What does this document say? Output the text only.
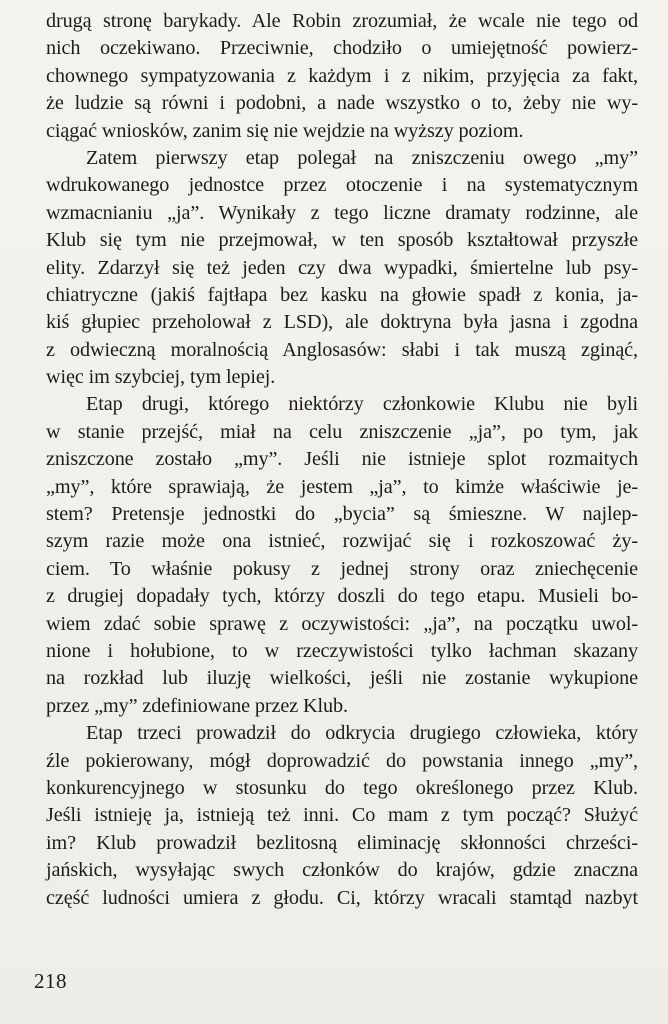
drugą stronę barykady. Ale Robin zrozumiał, że wcale nie tego od
nich oczekiwano. Przeciwnie, chodziło o umiejętność powierz-
chownego sympatyzowania z każdym i z nikim, przyjęcia za fakt,
że ludzie są równi i podobni, a nade wszystko o to, żeby nie wy-
ciągać wniosków, zanim się nie wejdzie na wyższy poziom.
Zatem pierwszy etap polegał na zniszczeniu owego „my”
wdrukowanego jednostce przez otoczenie i na systematycznym
wzmacnianiu „ja”. Wynikały z tego liczne dramaty rodzinne, ale
Klub się tym nie przejmował, w ten sposób kształtował przyszłe
elity. Zdarzył się też jeden czy dwa wypadki, śmiertelne lub psy-
chiatryczne (jakiś fajtłapa bez kasku na głowie spadł z konia, ja-
kiś głupiec przeholował z LSD), ale doktryna była jasna i zgodna
z odwieczną moralnością Anglosasów: słabi i tak muszą zginąć,
więc im szybciej, tym lepiej.
Etap drugi, którego niektórzy członkowie Klubu nie byli
w stanie przejść, miał na celu zniszczenie „ja”, po tym, jak
zniszczone zostało „my”. Jeśli nie istnieje splot rozmaitych
„my”, które sprawiają, że jestem „ja”, to kimże właściwie je-
stem? Pretensje jednostki do „bycia” są śmieszne. W najlep-
szym razie może ona istnieć, rozwijać się i rozkoszować ży-
ciem. To właśnie pokusy z jednej strony oraz zniechęcenie
z drugiej dopadały tych, którzy doszli do tego etapu. Musieli bo-
wiem zdać sobie sprawę z oczywistości: „ja”, na początku uwol-
nione i hołubione, to w rzeczywistości tylko łachman skazany
na rozkład lub iluzję wielkości, jeśli nie zostanie wykupione
przez „my” zdefiniowane przez Klub.
Etap trzeci prowadził do odkrycia drugiego człowieka, który
źle pokierowany, mógł doprowadzić do powstania innego „my”,
konkurencyjnego w stosunku do tego określonego przez Klub.
Jeśli istnieję ja, istnieją też inni. Co mam z tym począć? Służyć
im? Klub prowadził bezlitosną eliminację skłonności chrześci-
jańskich, wysyłając swych członków do krajów, gdzie znaczna
część ludności umiera z głodu. Ci, którzy wracali stamtąd nazbyt
218
